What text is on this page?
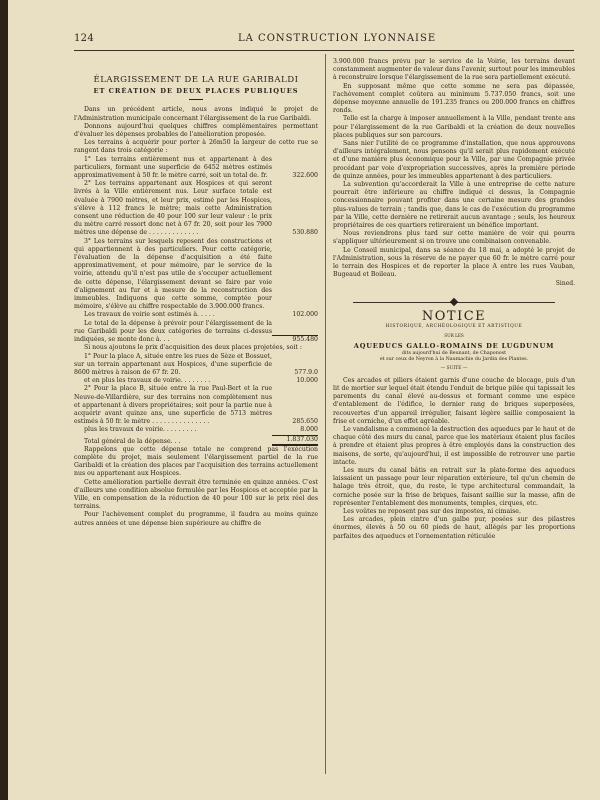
124	LA CONSTRUCTION LYONNAISE
ÉLARGISSEMENT DE LA RUE GARIBALDI
ET CRÉATION DE DEUX PLACES PUBLIQUES

Dans un précédent article, nous avons indiqué le projet de l'Administration municipale concernant l'élargissement de la rue Garibaldi.

Donnons aujourd'hui quelques chiffres complémentaires permettant d'évaluer les dépenses probables de l'amélioration proposée.

Les terrains à acquérir pour porter à 26m50 la largeur de cette rue se rangent dans trois catégorie :

1° Les terrains entièrement nus et appartenant à des particuliers, formant une superficie de 6452 mètres estimés approximativement à 50 fr. le mètre carré, soit un total de. fr.	322.600
2° Les terrains appartenant aux Hospices et qui seront livrés à la Ville entièrement nus. Leur surface totale est évaluée à 7900 mètres, et leur prix, estimé par les Hospices, s'élève à 112 francs le mètre; mais cette Administration consent une réduction de 40 pour 100 sur leur valeur : le prix du mètre carré ressort donc net à 67 fr. 20, soit pour les 7900 mètres une dépense de . . . . . . . . . . . . .	530.880
3° Les terrains sur lesquels reposent des constructions et qui appartiennent à des particuliers. Pour cette catégorie, l'évaluation de la dépense d'acquisition a été faite approximativement, et pour mémoire, par le service de la voirie, attendu qu'il n'est pas utile de s'occuper actuellement de cette dépense, l'élargissement devant se faire par voie d'alignement au fur et à mesure de la reconstruction des immeubles. Indiquons que cette somme, comptée pour mémoire, s'élève au chiffre respectable de 3.900.000 francs.
Les travaux de voirie sont estimés à. . . . .	102.000
Le total de la dépense à prévoir pour l'élargissement de la rue Garibaldi pour les deux catégories de terrains ci-dessus indiquées, se monte donc à. . .	955.480

Si nous ajoutons le prix d'acquisition des deux places projetées, soit :

1° Pour la place A, située entre les rues de Sèze et Bossuet, sur un terrain appartenant aux Hospices, d'une superficie de 8600 mètres à raison de 67 fr. 20.	577.9.0
et en plus les travaux de voirie. . . . . . . .	10.000
2° Pour la place B, située entre la rue Paul-Bert et la rue Neuve-de-Villardière, sur des terrains non complètement nus et appartenant à divers propriétaires; soit pour la partie nue à acquérir avant quinze ans, une superficie de 5713 mètres estimés à 50 fr. le mètre . . . . . . . . . . . . . . .	285.650
plus les travaux de voirie. . . . . . . . .	8.000
Total général de la dépense. . .	1.837.030

Rappelons que cette dépense totale ne comprend pas l'exécution complète du projet, mais seulement l'élargissement partiel de la rue Garibaldi et la création des places par l'acquisition des terrains actuellement nus ou appartenant aux Hospices.

Cette amélioration partielle devrait être terminée en quinze années. C'est d'ailleurs une condition absolue formulée par les Hospices et acceptée par la Ville, en compensation de la réduction de 40 pour 100 sur le prix réel des terrains.

Pour l'achèvement complet du programme, il faudra au moins quinze autres années et une dépense bien supérieure au chiffre de

3.900.000 francs prévu par le service de la Voirie, les terrains devant constamment augmenter de valeur dans l'avenir, surtout pour les immeubles à reconstruire lorsque l'élargissement de la rue sera partiellement exécuté.

En supposant même que cette somme ne sera pas dépassée, l'achèvement complet coûtera au minimum 5.737.050 francs, soit une dépense moyenne annuelle de 191.235 francs ou 200.000 francs en chiffres ronds.

Telle est la charge à imposer annuellement à la Ville, pendant trente ans pour l'élargissement de la rue Garibaldi et la création de deux nouvelles places publiques sur son parcours.

Sans nier l'utilité de ce programme d'installation, que nous approuvons d'ailleurs intégralement, nous pensons qu'il serait plus rapidement exécuté et d'une manière plus économique pour la Ville, par une Compagnie privée procédant par voie d'expropriation successives, après la première période de quinze années, pour les immeubles appartenant à des particuliers.

La subvention qu'accorderait la Ville à une entreprise de cette nature pourrait être inférieure au chiffre indiqué ci dessus, la Compagnie concessionnaire pouvant profiter dans une certaine mesure des grandes plus-values de terrain ; tandis que, dans le cas de l'exécution du programme par la Ville, cette dernière ne retirerait aucun avantage ; seuls, les heureux propriétaires de ces quartiers retireraient un bénéfice important.

Nous reviendrons plus tard sur cette manière de voir qui pourra s'appliquer ultérieurement si on trouve une combinaison convenable.

Le Conseil municipal, dans sa séance du 18 mai, a adopté le projet de l'Administration, sous la réserve de ne payer que 60 fr. le mètre carré pour le terrain des Hospices et de reporter la place A entre les rues Vauban, Bugeaud et Boileau.

Sined.
NOTICE
HISTORIQUE, ARCHÉOLOGIQUE ET ARTISTIQUE
SUR LES
AQUEDUCS GALLO-ROMAINS DE LUGDUNUM
dits aujourd'hui de Beunant, de Chaponost
et sur ceux de Neyron à la Naumachie du Jardin des Plantes.
— SUITE —

Ces arcades et piliers étaient garnis d'une couche de blocage, puis d'un lit de mortier sur lequel était étendu l'enduit de brique pilée qui tapissait les parements du canal élevé au-dessus et formant comme une espèce d'entablement de l'édifice, le dernier rang de briques superposées, recouvertes d'un appareil irrégulier, faisant légère saillie composaient la frise et corniche, d'un effet agréable.

Le vandalisme a commencé la destruction des aqueducs par le haut et de chaque côté des murs du canal, parce que les matériaux étaient plus faciles à prendre et étaient plus propres à être employés dans la construction des maisons, de sorte, qu'aujourd'hui, il est impossible de retrouver une partie intacte.

Les murs du canal bâtis en retrait sur la plate-forme des aqueducs laissaient un passage pour leur réparation extérieure, tel qu'un chemin de halage très étroit, que, du reste, le type architectural commandait, la corniche posée sur la frise de briques, faisant saillie sur la masse, afin de représenter l'entablement des monuments, temples, cirques, etc.

Les voûtes ne reposent pas sur des impostes, ni cimaise.

Les arcades, plein cintre d'un galbe pur, posées sur des pilastres énormes, élevés à 50 ou 60 pieds de haut, allégés par les proportions parfaites des aqueducs et l'ornementation réticulée
